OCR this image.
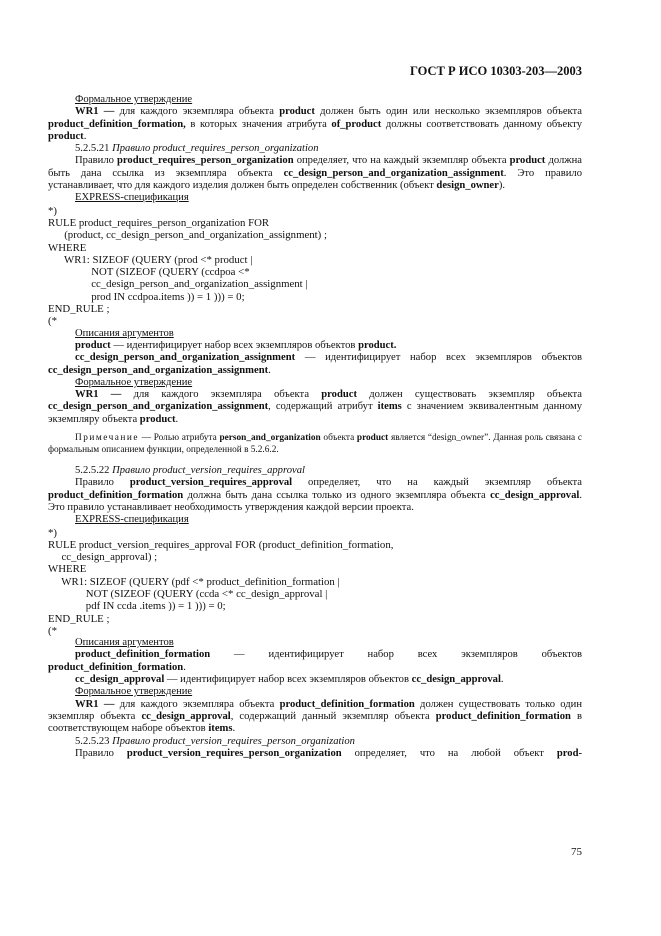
ГОСТ Р ИСО 10303-203—2003

Формальное утверждение

WR1 — для каждого экземпляра объекта product должен быть один или несколько экземпляров объекта product_definition_formation, в которых значения атрибута of_product должны соответствовать данному объекту product.

5.2.5.21 Правило product_requires_person_organization

Правило product_requires_person_organization определяет, что на каждый экземпляр объекта product должна быть дана ссылка из экземпляра объекта cc_design_person_and_organization_assignment. Это правило устанавливает, что для каждого изделия должен быть определен собственник (объект design_owner).

EXPRESS-спецификация

*)
RULE product_requires_person_organization FOR
(product, cc_design_person_and_organization_assignment) ;
WHERE
WR1: SIZEOF (QUERY (prod <* product |
NOT (SIZEOF (QUERY (ccdpoa <*
cc_design_person_and_organization_assignment |
prod IN ccdpoa.items )) = 1 ))) = 0;
END_RULE ;
(*

Описания аргументов

product — идентифицирует набор всех экземпляров объектов product.

cc_design_person_and_organization_assignment — идентифицирует набор всех экземпляров объектов cc_design_person_and_organization_assignment.

Формальное утверждение

WR1 — для каждого экземпляра объекта product должен существовать экземпляр объекта cc_design_person_and_organization_assignment, содержащий атрибут items с значением эквивалентным данному экземпляру объекта product.

Примечание — Ролью атрибута person_and_organization объекта product является “design_owner”. Данная роль связана с формальным описанием функции, определенной в 5.2.6.2.

5.2.5.22 Правило product_version_requires_approval

Правило product_version_requires_approval определяет, что на каждый экземпляр объекта product_definition_formation должна быть дана ссылка только из одного экземпляра объекта cc_design_approval. Это правило устанавливает необходимость утверждения каждой версии проекта.

EXPRESS-спецификация

*)
RULE product_version_requires_approval FOR (product_definition_formation,
cc_design_approval) ;
WHERE
WR1: SIZEOF (QUERY (pdf <* product_definition_formation |
NOT (SIZEOF (QUERY (ccda <* cc_design_approval |
pdf IN ccda .items )) = 1 ))) = 0;
END_RULE ;
(*

Описания аргументов

product_definition_formation — идентифицирует набор всех экземпляров объектов product_definition_formation.

cc_design_approval — идентифицирует набор всех экземпляров объектов cc_design_approval.

Формальное утверждение

WR1 — для каждого экземпляра объекта product_definition_formation должен существовать только один экземпляр объекта cc_design_approval, содержащий данный экземпляр объекта product_definition_formation в соответствующем наборе объектов items.

5.2.5.23 Правило product_version_requires_person_organization

Правило product_version_requires_person_organization определяет, что на любой объект prod-

75
